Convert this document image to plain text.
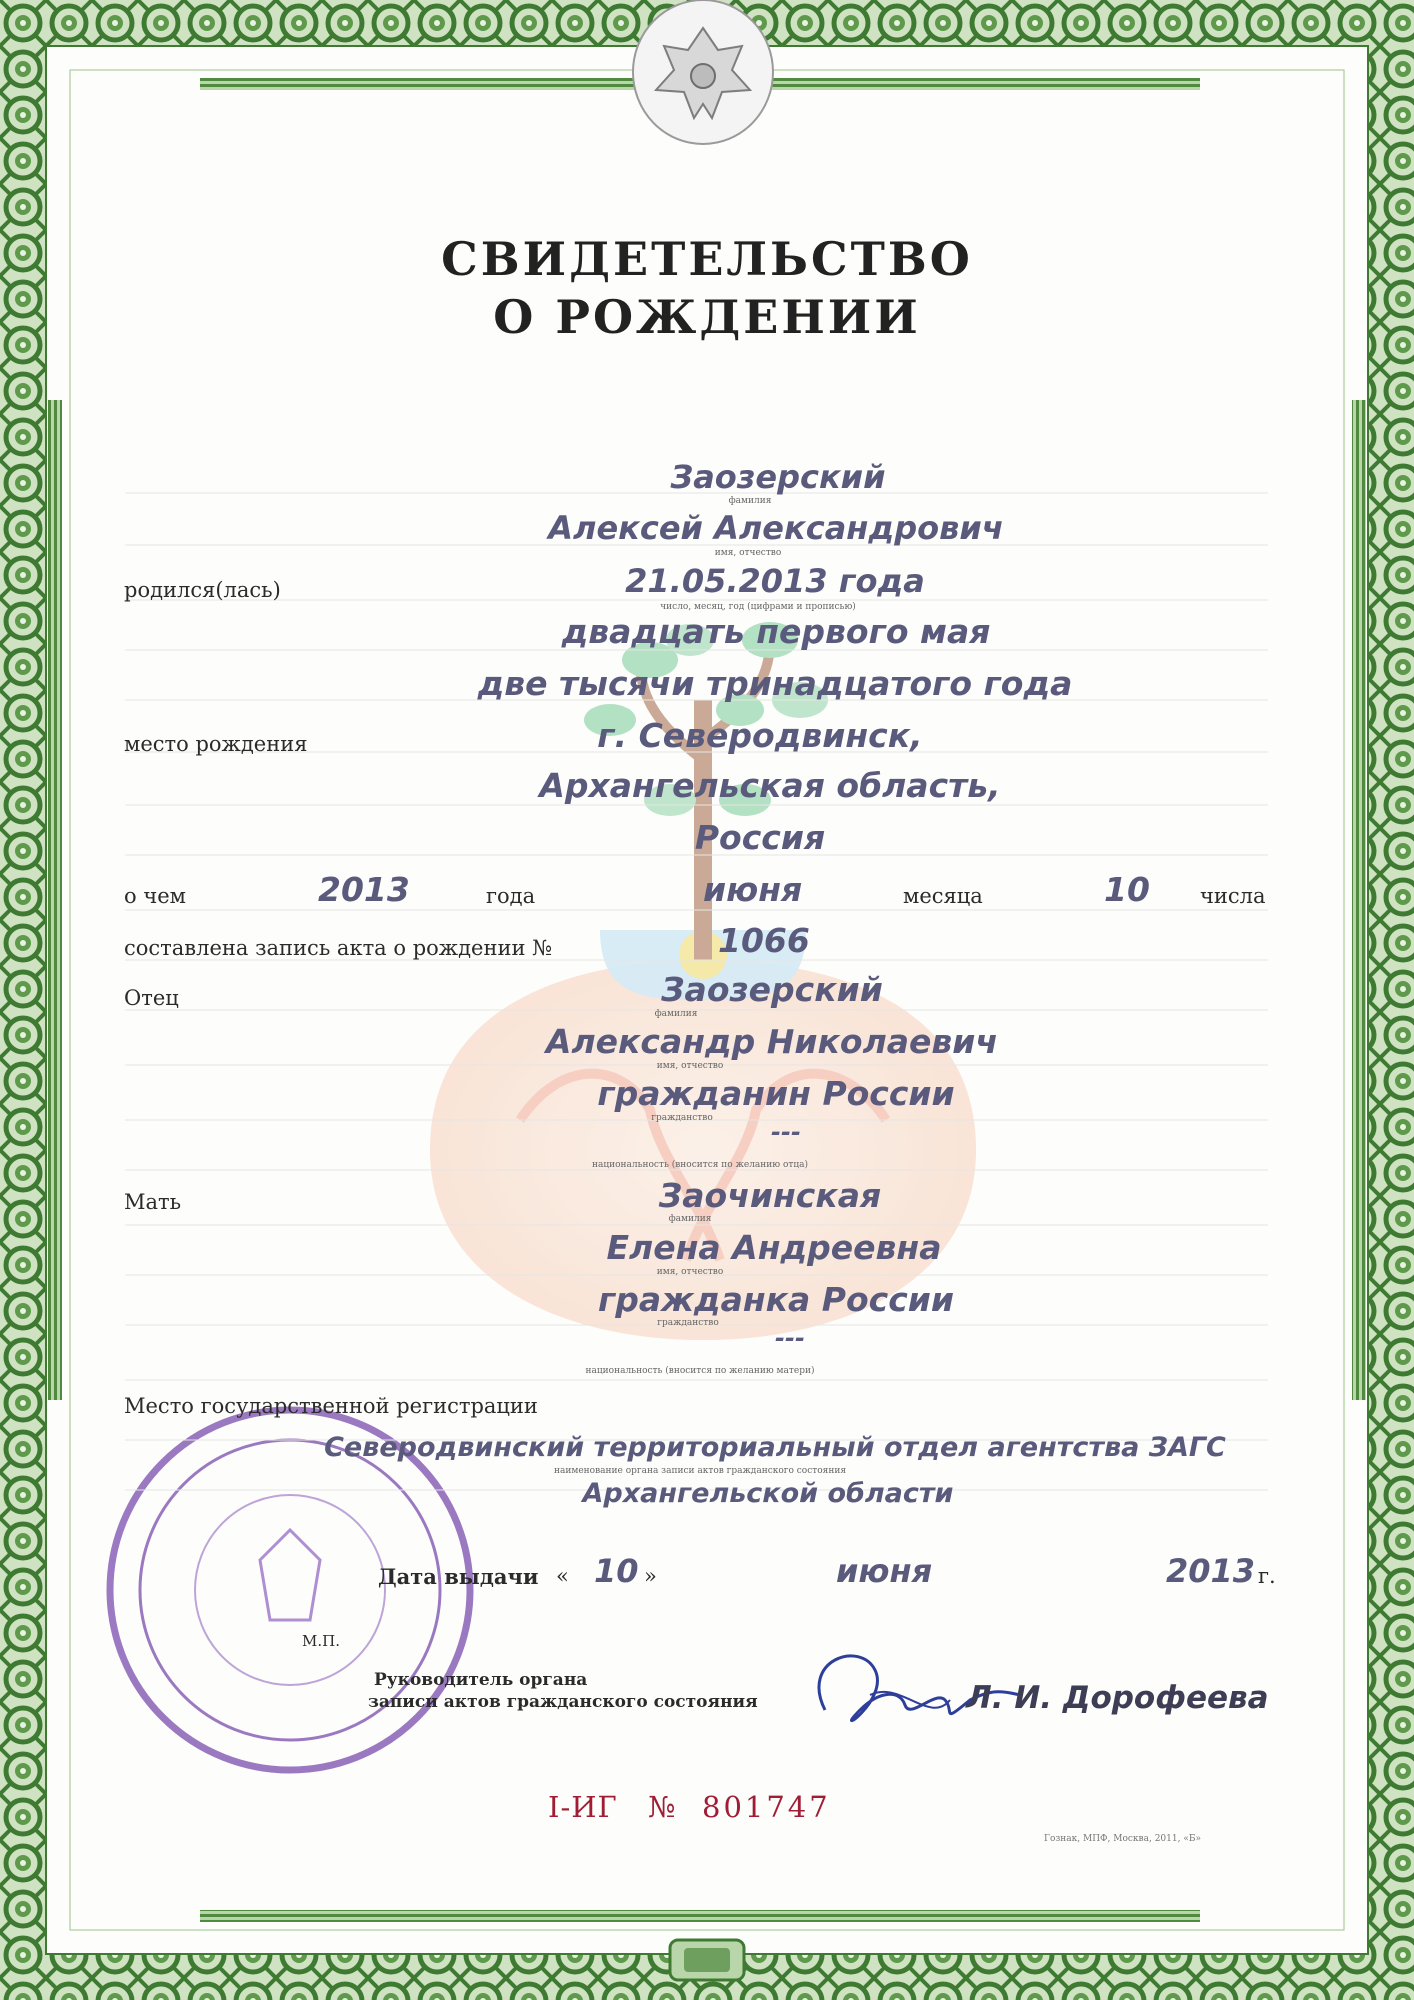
СВИДЕТЕЛЬСТВО
О РОЖДЕНИИ
Заозерский
фамилия
Алексей Александрович
имя, отчество
родился(лась)	21.05.2013 года
число, месяц, год (цифрами и прописью)
двадцать первого мая
две тысячи тринадцатого года
место рождения	г. Северодвинск,
Архангельская область,
Россия
о чем	2013	года	июня	месяца	10 числа
составлена запись акта о рождении №	1066
Отец	Заозерский
фамилия
Александр Николаевич
имя, отчество
гражданин России
гражданство ---
национальность (вносится по желанию отца)
Мать	Заочинская
фамилия
Елена Андреевна
имя, отчество
гражданка России
гражданство
---
национальность (вносится по желанию матери)
Место государственной регистрации
Северодвинский территориальный отдел агентства ЗАГС
наименование органа записи актов гражданского состояния
Архангельской области
Дата выдачи « 10 »	июня	2013 г.
М.П.
Руководитель органа
записи актов гражданского состояния	Л. И. Дорофеева
I-ИГ № 801747
Гознак, МПФ, Москва, 2011, «Б»
